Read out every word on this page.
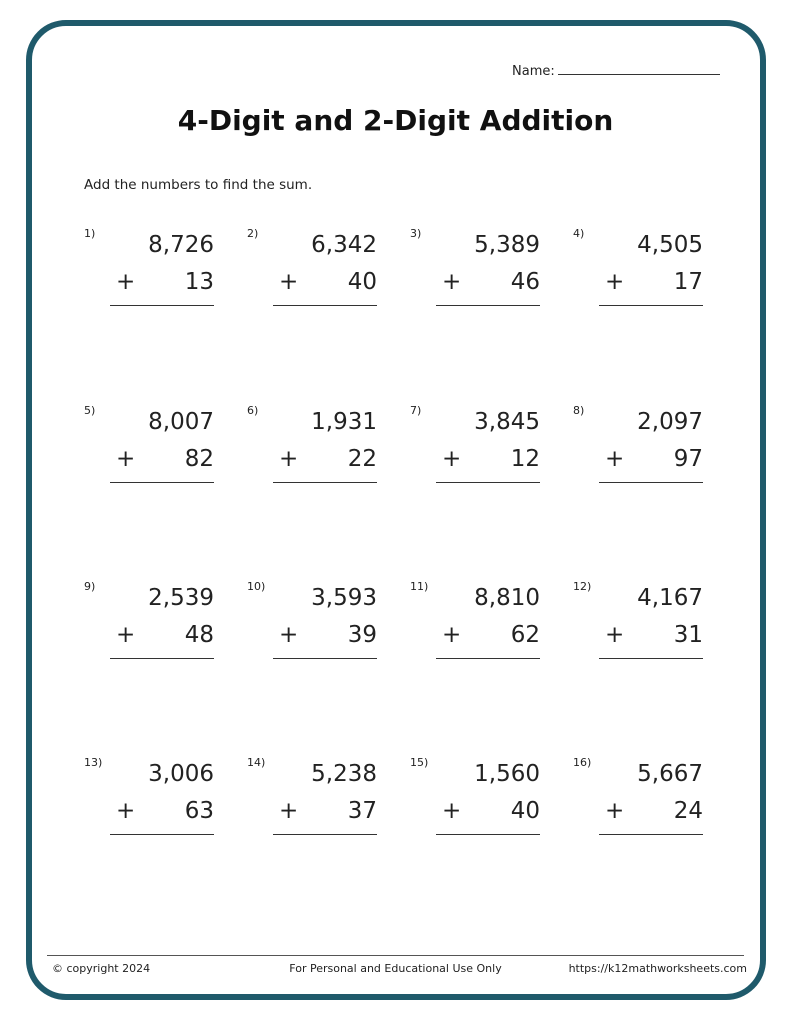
Name:
4-Digit and 2-Digit Addition
Add the numbers to find the sum.
1) 8,726
+ 13
2) 6,342
+ 40
3) 5,389
+ 46
4) 4,505
+ 17
5) 8,007
+ 82
6) 1,931
+ 22
7) 3,845
+ 12
8) 2,097
+ 97
9) 2,539
+ 48
10) 3,593
+ 39
11) 8,810
+ 62
12) 4,167
+ 31
13) 3,006
+ 63
14) 5,238
+ 37
15) 1,560
+ 40
16) 5,667
+ 24
© copyright 2024	For Personal and Educational Use Only	https://k12mathworksheets.com
